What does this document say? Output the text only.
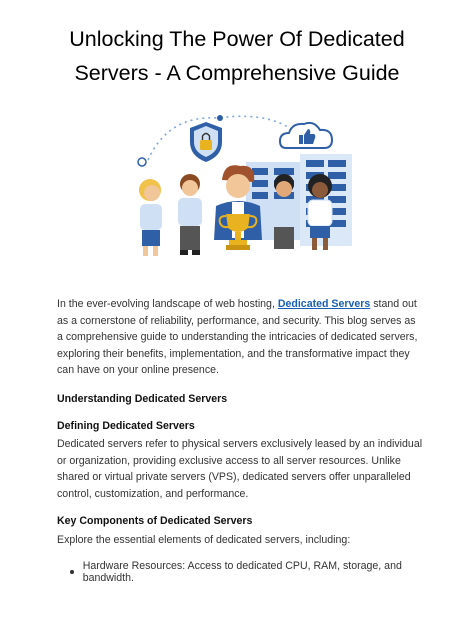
Unlocking The Power Of Dedicated
Servers - A Comprehensive Guide

In the ever-evolving landscape of web hosting, Dedicated Servers stand out as a cornerstone of reliability, performance, and security. This blog serves as a comprehensive guide to understanding the intricacies of dedicated servers, exploring their benefits, implementation, and the transformative impact they can have on your online presence.

Understanding Dedicated Servers
Defining Dedicated Servers

Dedicated servers refer to physical servers exclusively leased by an individual or organization, providing exclusive access to all server resources. Unlike shared or virtual private servers (VPS), dedicated servers offer unparalleled control, customization, and performance.

Key Components of Dedicated Servers

Explore the essential elements of dedicated servers, including:

Hardware Resources: Access to dedicated CPU, RAM, storage, and bandwidth.
